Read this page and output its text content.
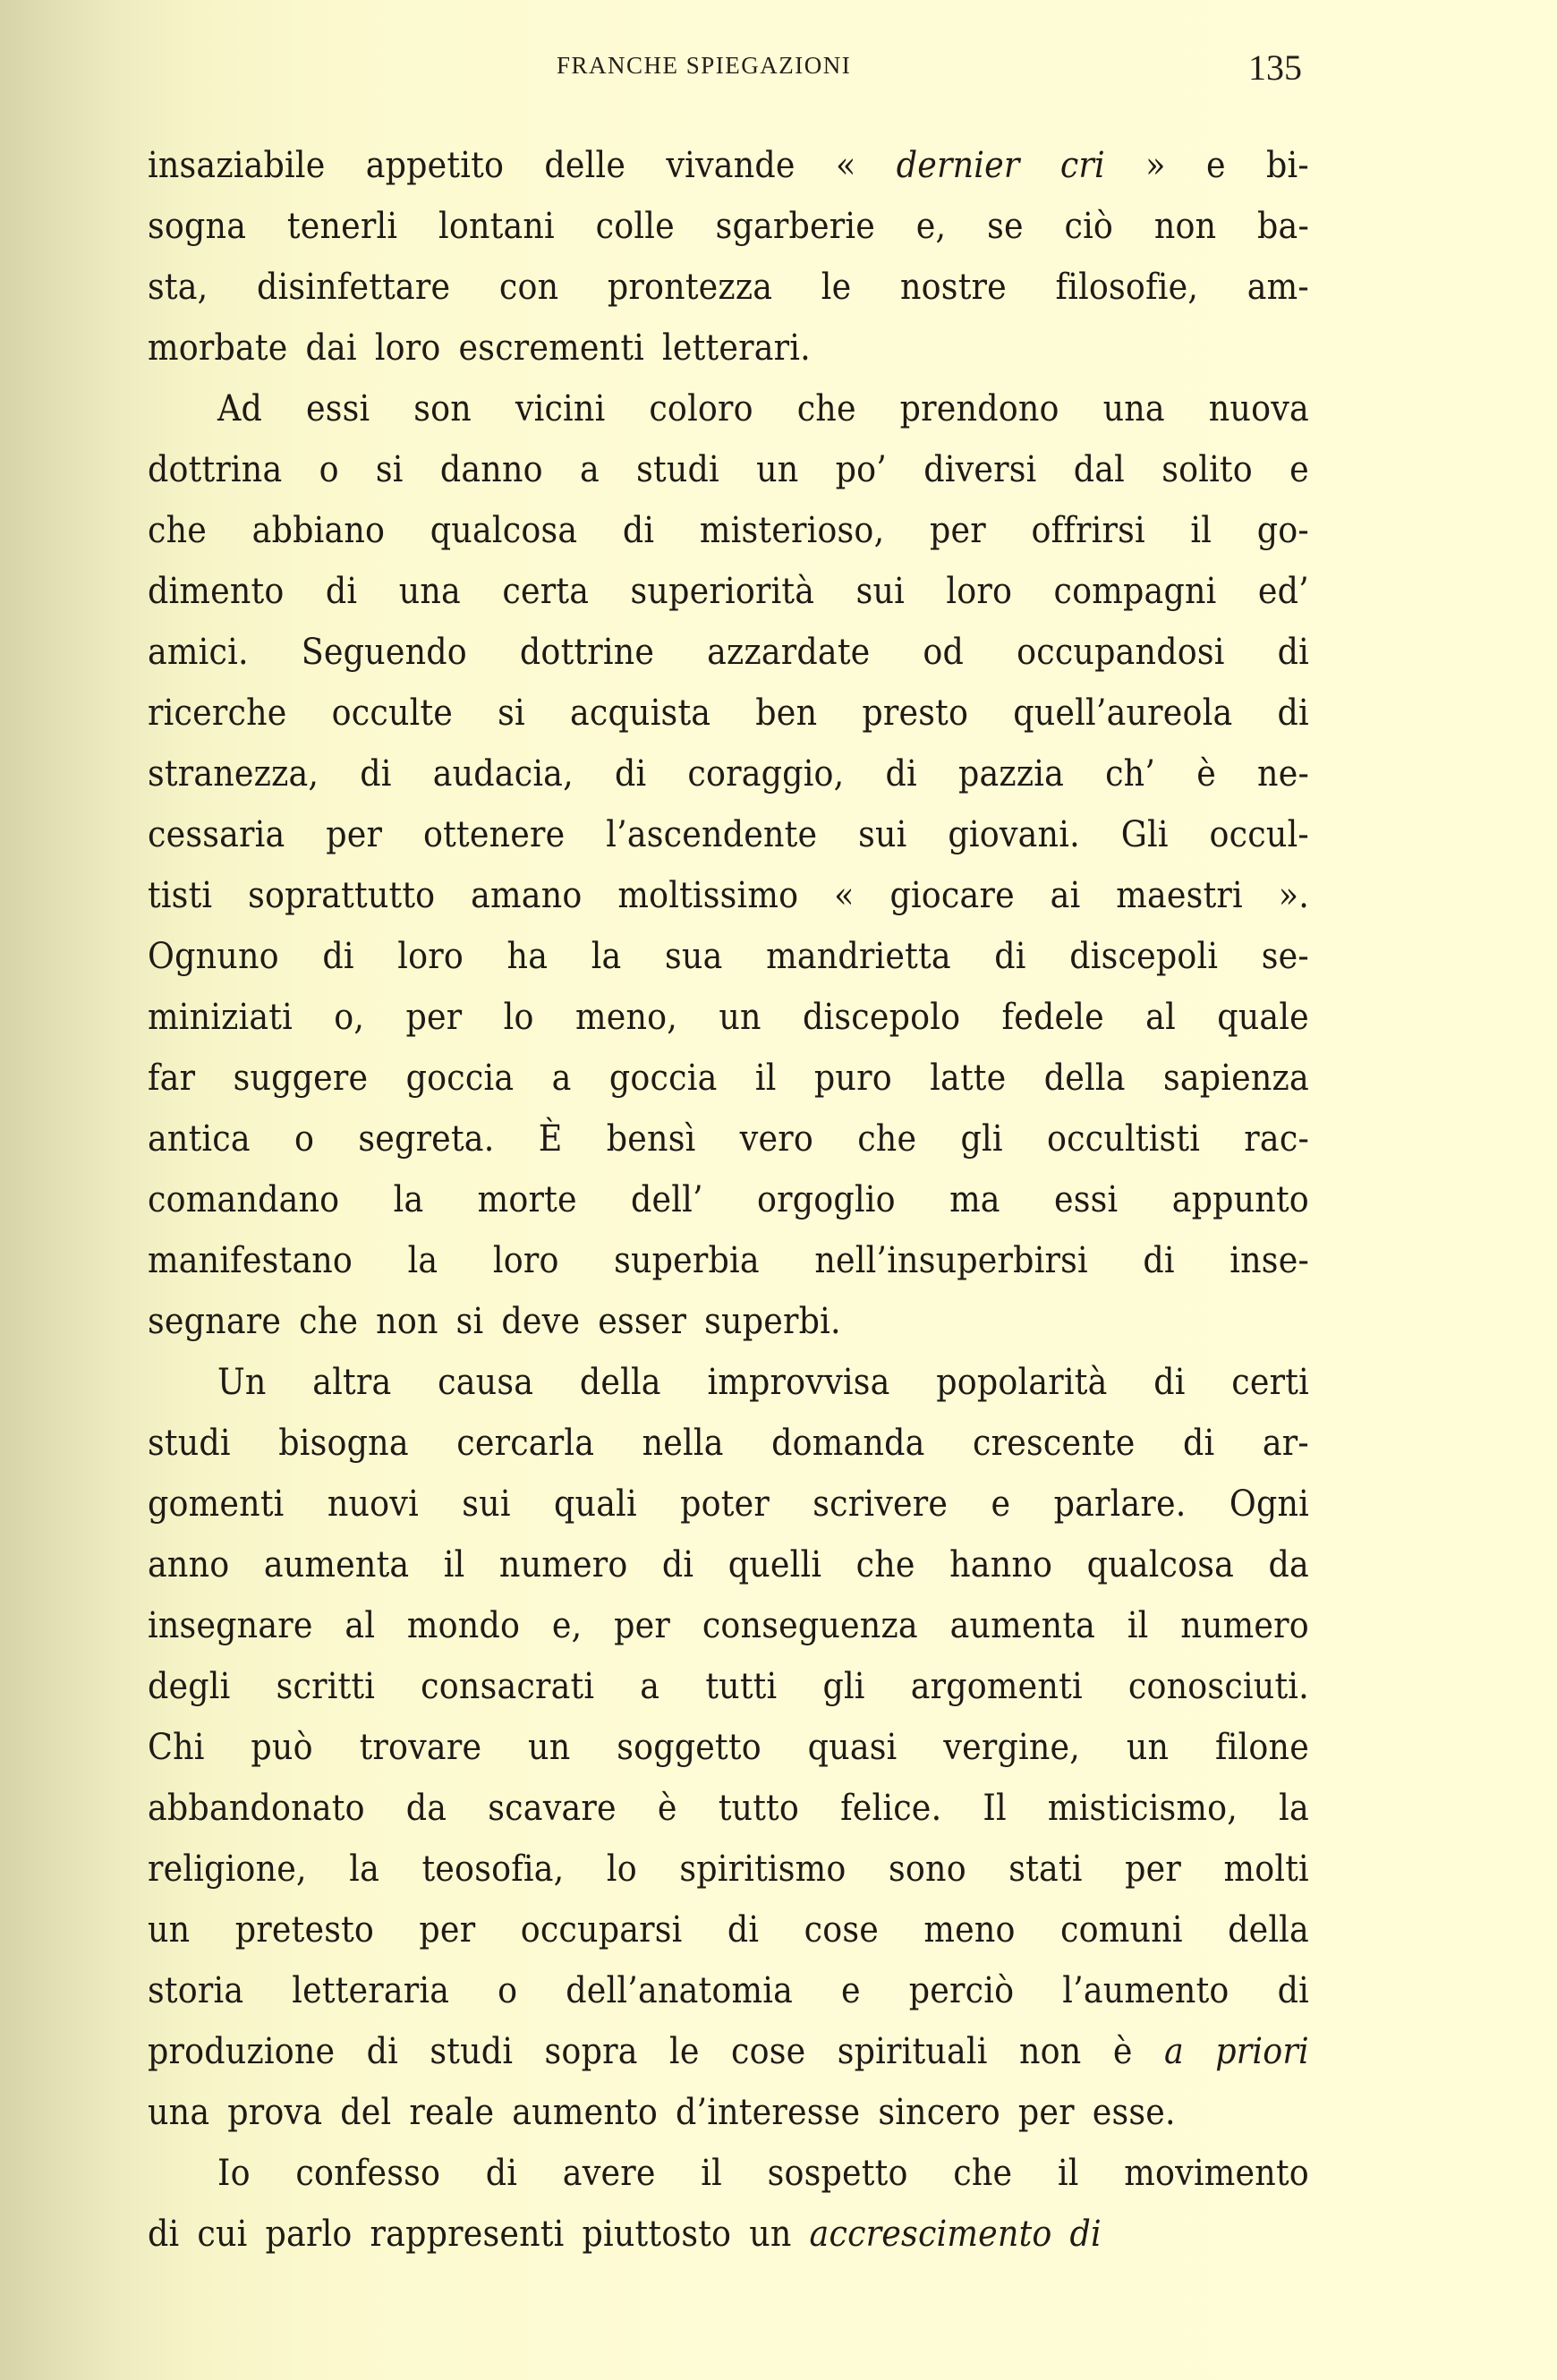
FRANCHE SPIEGAZIONI	135
insaziabile appetito delle vivande « dernier cri » e bi-
sogna tenerli lontani colle sgarberie e, se ciò non ba-
sta, disinfettare con prontezza le nostre filosofie, am-
morbate dai loro escrementi letterari.
Ad essi son vicini coloro che prendono una nuova
dottrina o si danno a studi un po’ diversi dal solito e
che abbiano qualcosa di misterioso, per offrirsi il go-
dimento di una certa superiorità sui loro compagni ed’
amici. Seguendo dottrine azzardate od occupandosi di
ricerche occulte si acquista ben presto quell’aureola di
stranezza, di audacia, di coraggio, di pazzia ch’ è ne-
cessaria per ottenere l’ascendente sui giovani. Gli occul-
tisti soprattutto amano moltissimo « giocare ai maestri ».
Ognuno di loro ha la sua mandrietta di discepoli se-
miniziati o, per lo meno, un discepolo fedele al quale
far suggere goccia a goccia il puro latte della sapienza
antica o segreta. È bensì vero che gli occultisti rac-
comandano la morte dell’ orgoglio ma essi appunto
manifestano la loro superbia nell’insuperbirsi di inse-
segnare che non si deve esser superbi.
Un altra causa della improvvisa popolarità di certi
studi bisogna cercarla nella domanda crescente di ar-
gomenti nuovi sui quali poter scrivere e parlare. Ogni
anno aumenta il numero di quelli che hanno qualcosa da
insegnare al mondo e, per conseguenza aumenta il numero
degli scritti consacrati a tutti gli argomenti conosciuti.
Chi può trovare un soggetto quasi vergine, un filone
abbandonato da scavare è tutto felice. Il misticismo, la
religione, la teosofia, lo spiritismo sono stati per molti
un pretesto per occuparsi di cose meno comuni della
storia letteraria o dell’anatomia e perciò l’aumento di
produzione di studi sopra le cose spirituali non è a priori
una prova del reale aumento d’interesse sincero per esse.
Io confesso di avere il sospetto che il movimento
di cui parlo rappresenti piuttosto un accrescimento di
